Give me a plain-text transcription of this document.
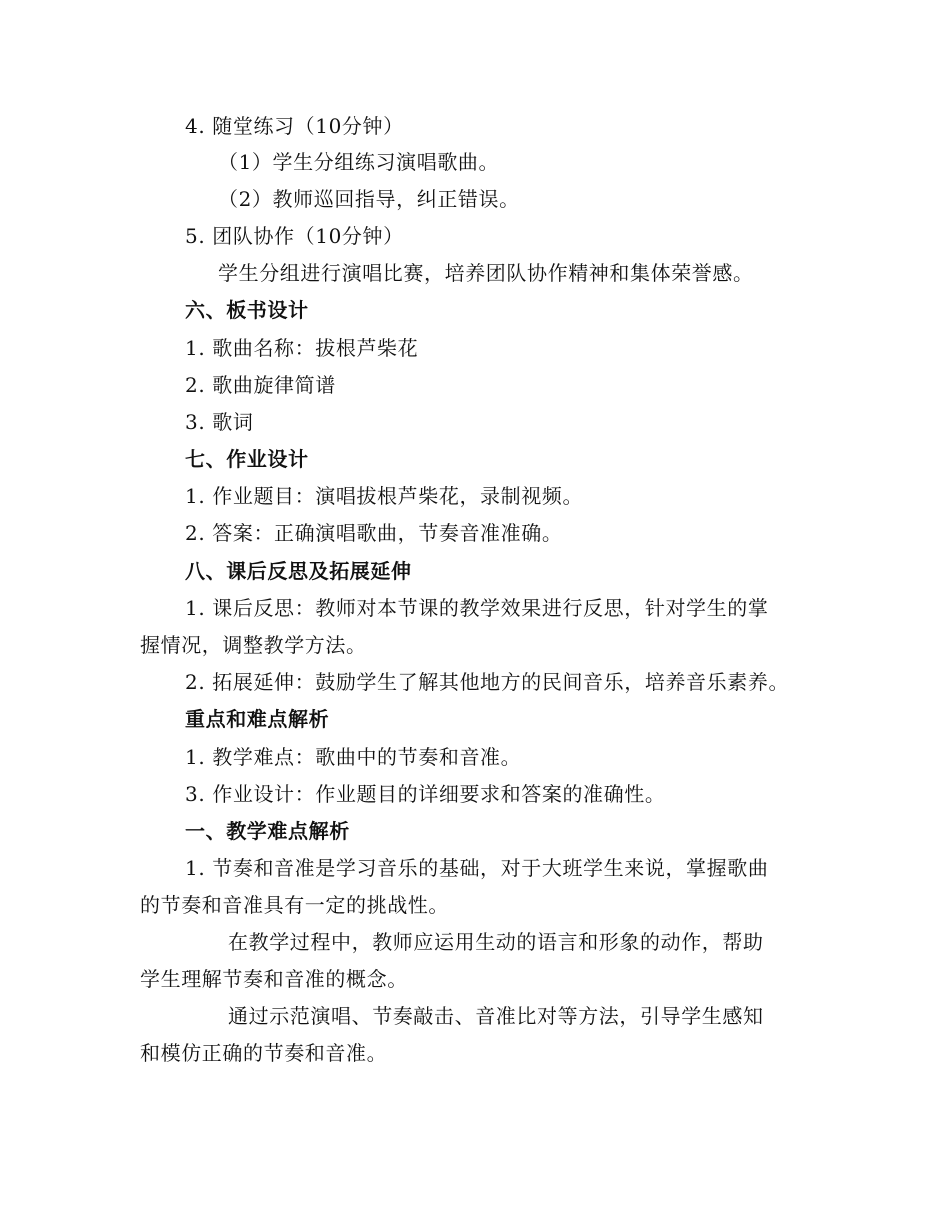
4. 随堂练习（10分钟）
（1）学生分组练习演唱歌曲。
（2）教师巡回指导，纠正错误。
5. 团队协作（10分钟）
学生分组进行演唱比赛，培养团队协作精神和集体荣誉感。
六、板书设计
1. 歌曲名称：拔根芦柴花
2. 歌曲旋律简谱
3. 歌词
七、作业设计
1. 作业题目：演唱拔根芦柴花，录制视频。
2. 答案：正确演唱歌曲，节奏音准准确。
八、课后反思及拓展延伸
1. 课后反思：教师对本节课的教学效果进行反思，针对学生的掌
握情况，调整教学方法。
2. 拓展延伸：鼓励学生了解其他地方的民间音乐，培养音乐素养。
重点和难点解析
1. 教学难点：歌曲中的节奏和音准。
3. 作业设计：作业题目的详细要求和答案的准确性。
一、教学难点解析
1. 节奏和音准是学习音乐的基础，对于大班学生来说，掌握歌曲
的节奏和音准具有一定的挑战性。
在教学过程中，教师应运用生动的语言和形象的动作，帮助
学生理解节奏和音准的概念。
通过示范演唱、节奏敲击、音准比对等方法，引导学生感知
和模仿正确的节奏和音准。
